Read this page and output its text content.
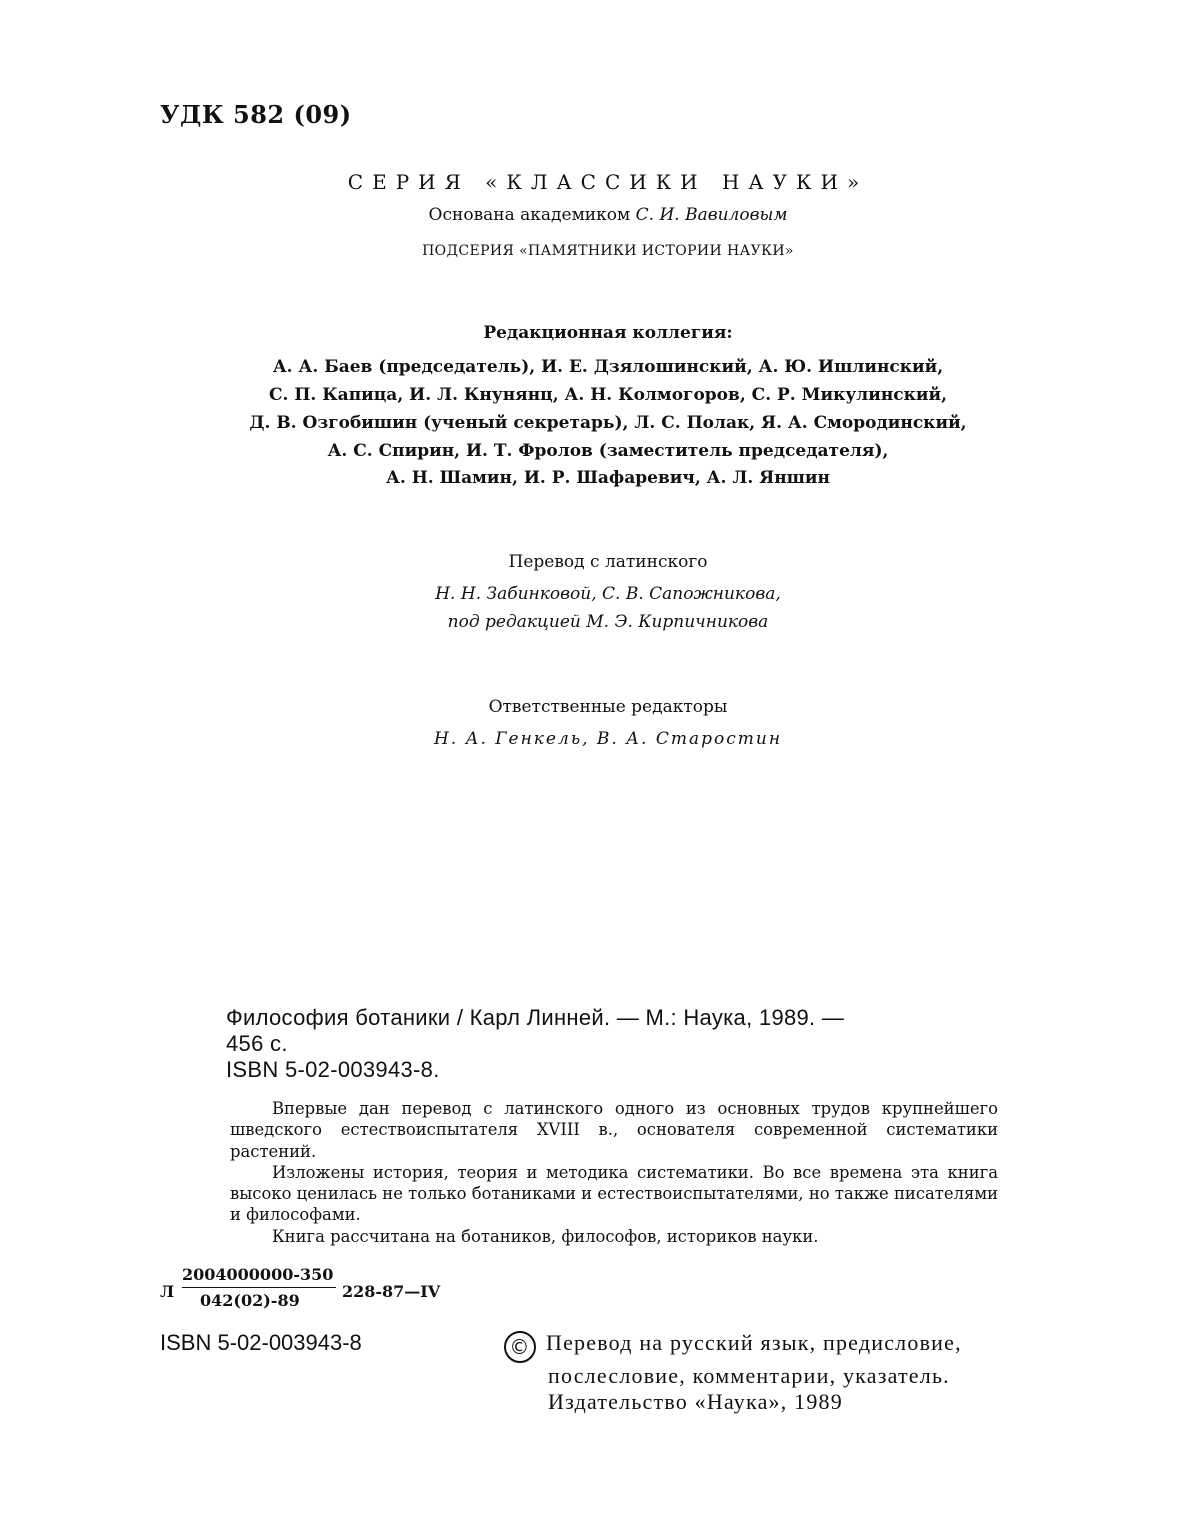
УДК 582 (09)
СЕРИЯ «КЛАССИКИ НАУКИ»
Основана академиком С. И. Вавиловым
ПОДСЕРИЯ «ПАМЯТНИКИ ИСТОРИИ НАУКИ»
Редакционная коллегия:
А. А. Баев (председатель), И. Е. Дзялошинский, А. Ю. Ишлинский,
С. П. Капица, И. Л. Кнунянц, А. Н. Колмогоров, С. Р. Микулинский,
Д. В. Озгобишин (ученый секретарь), Л. С. Полак, Я. А. Смородинский,
А. С. Спирин, И. Т. Фролов (заместитель председателя),
А. Н. Шамин, И. Р. Шафаревич, А. Л. Яншин
Перевод с латинского
Н. Н. Забинковой, С. В. Сапожникова,
под редакцией М. Э. Кирпичникова
Ответственные редакторы
Н. А. Генкель, В. А. Старостин
Философия ботаники / Карл Линней. — М.: Наука, 1989. —
456 с.
ISBN 5-02-003943-8.

Впервые дан перевод с латинского одного из основных трудов крупнейшего шведского естествоиспытателя XVIII в., основателя современной систематики растений.

Изложены история, теория и методика систематики. Во все времена эта книга высоко ценилась не только ботаниками и естествоиспытателями, но также писателями и философами.

Книга рассчитана на ботаников, философов, историков науки.

Л
2004000000-350
042(02)-89	228-87—IV
ISBN 5-02-003943-8	© Перевод на русский язык, предисловие,
послесловие, комментарии, указатель.
Издательство «Наука», 1989
